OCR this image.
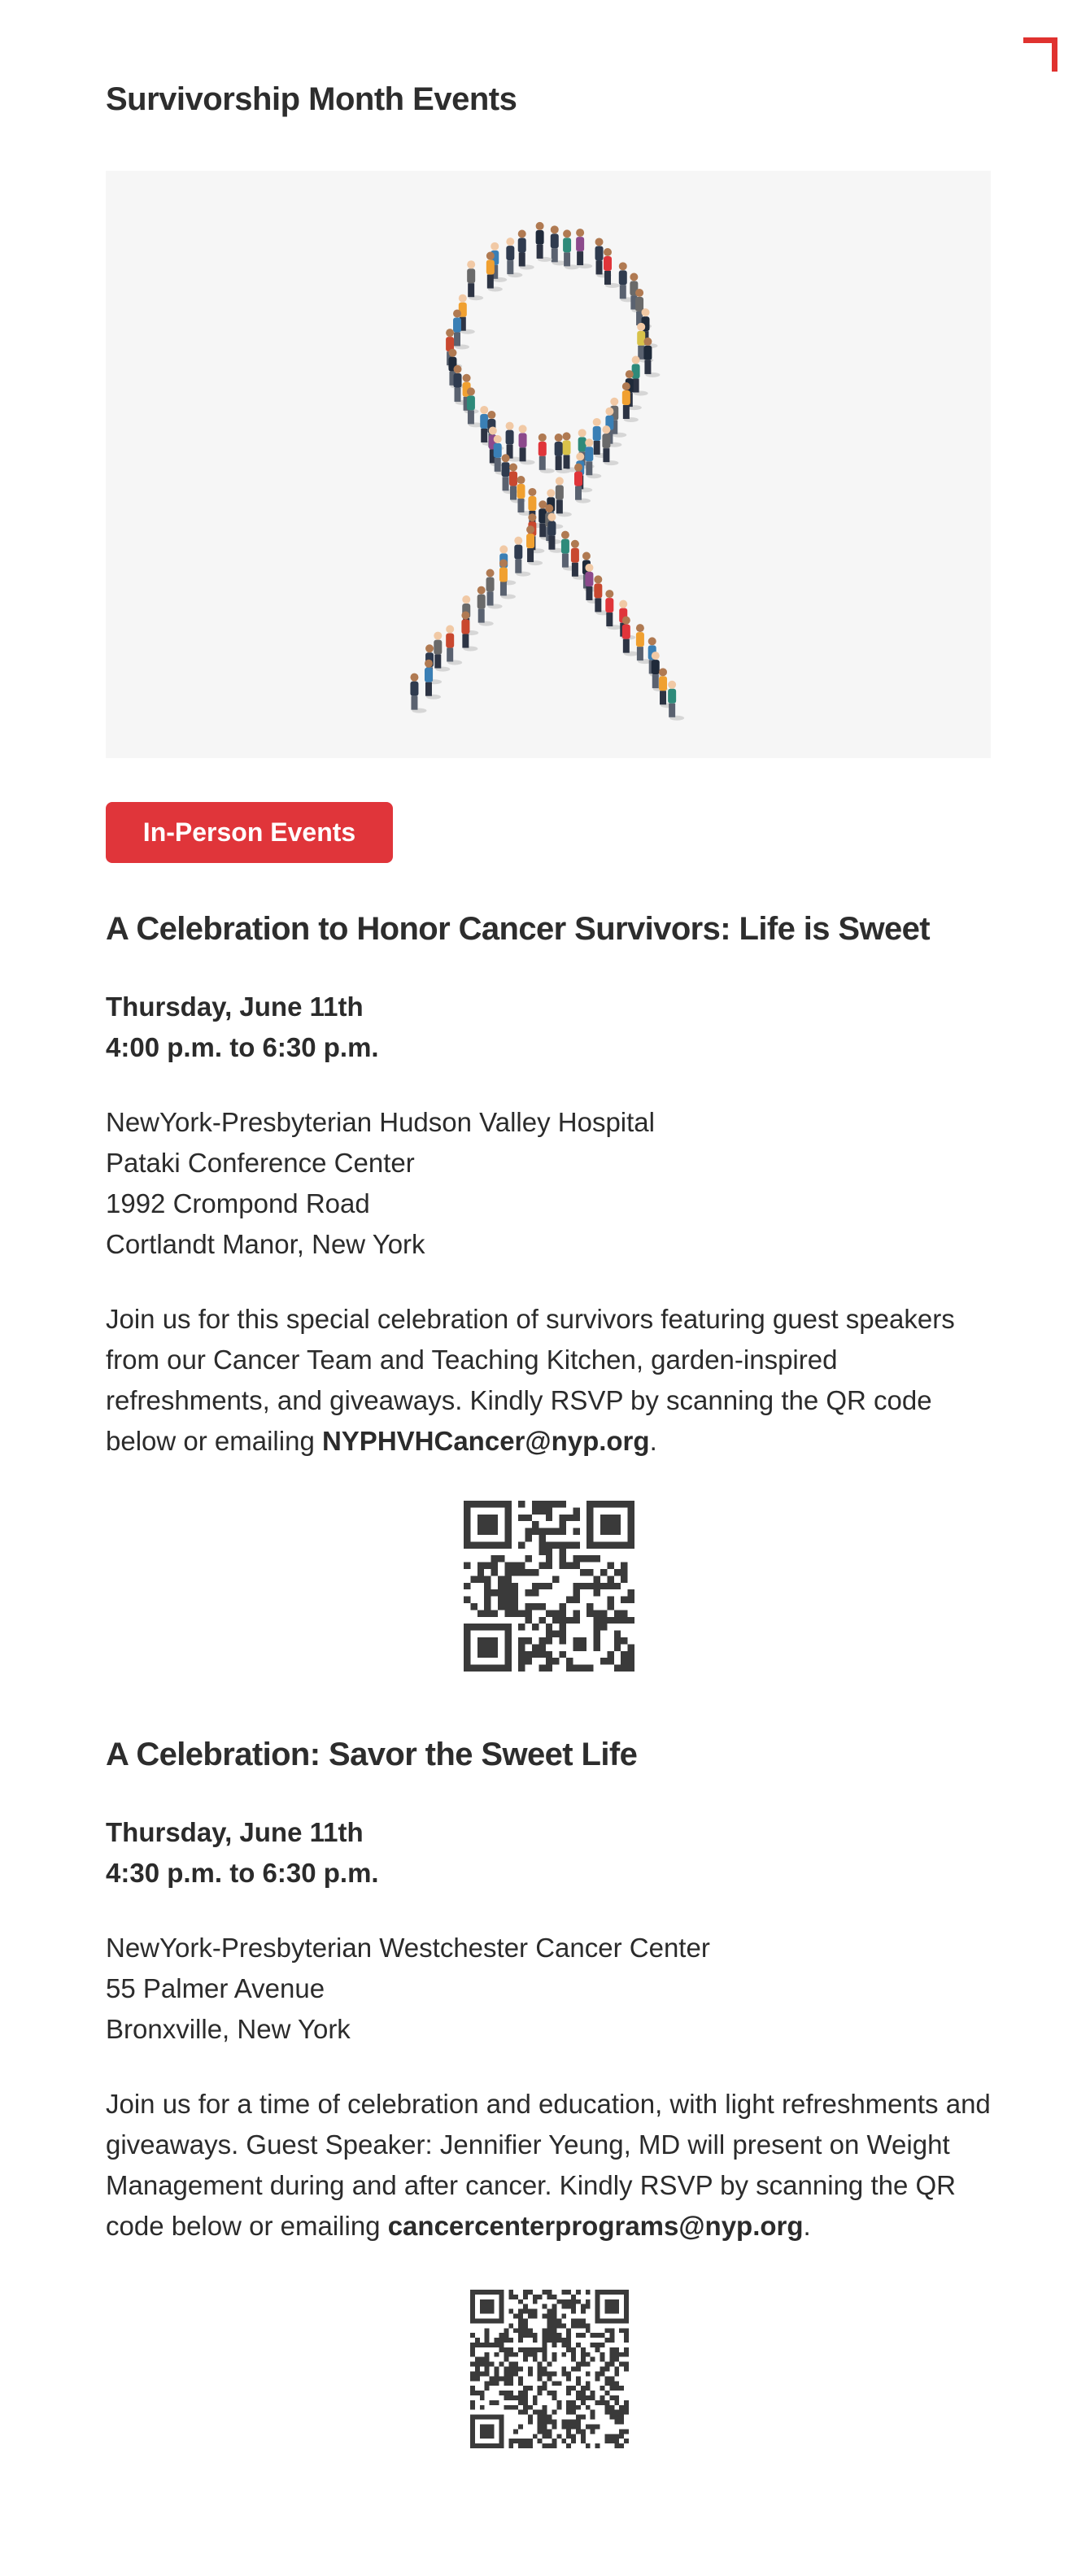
Survivorship Month Events
In-Person Events
A Celebration to Honor Cancer Survivors: Life is Sweet
Thursday, June 11th
4:00 p.m. to 6:30 p.m.
NewYork-Presbyterian Hudson Valley Hospital
Pataki Conference Center
1992 Crompond Road
Cortlandt Manor, New York

Join us for this special celebration of survivors featuring guest speakers from our Cancer Team and Teaching Kitchen, garden-inspired refreshments, and giveaways. Kindly RSVP by scanning the QR code below or emailing NYPHVHCancer@nyp.org.

A Celebration: Savor the Sweet Life
Thursday, June 11th
4:30 p.m. to 6:30 p.m.
NewYork-Presbyterian Westchester Cancer Center
55 Palmer Avenue
Bronxville, New York

Join us for a time of celebration and education, with light refreshments and giveaways. Guest Speaker: Jennifier Yeung, MD will present on Weight Management during and after cancer. Kindly RSVP by scanning the QR code below or emailing cancercenterprograms@nyp.org.
